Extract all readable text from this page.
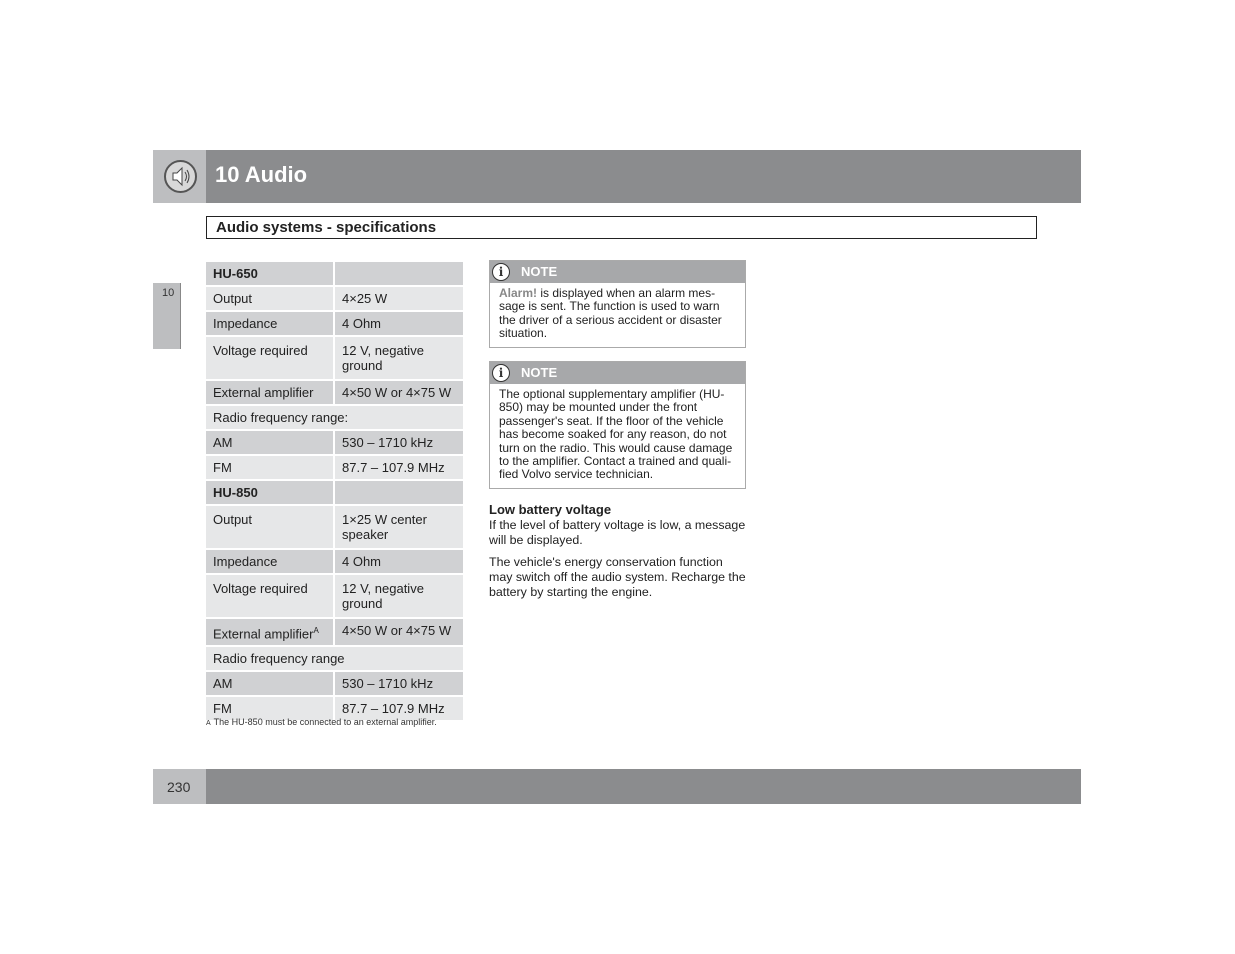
10 Audio
Audio systems - specifications
10
HU-650	
Output	4×25 W
Impedance	4 Ohm
Voltage required	12 V, negative ground
External amplifier	4×50 W or 4×75 W
Radio frequency range:	
AM	530 – 1710 kHz
FM	87.7 – 107.9 MHz
HU-850	
Output	1×25 W center speaker
Impedance	4 Ohm
Voltage required	12 V, negative ground
External amplifier$^A$	4×50 W or 4×75 W
Radio frequency range	
AM	530 – 1710 kHz
FM	87.7 – 107.9 MHz
A The HU-850 must be connected to an external amplifier.
i	NOTE
Alarm! is displayed when an alarm mes-sage is sent. The function is used to warn the driver of a serious accident or disaster situation.
i	NOTE
The optional supplementary amplifier (HU-850) may be mounted under the front passenger's seat. If the floor of the vehicle has become soaked for any reason, do not turn on the radio. This would cause damage to the amplifier. Contact a trained and quali-fied Volvo service technician.
Low battery voltage
If the level of battery voltage is low, a message will be displayed.
The vehicle's energy conservation function may switch off the audio system. Recharge the battery by starting the engine.
230
